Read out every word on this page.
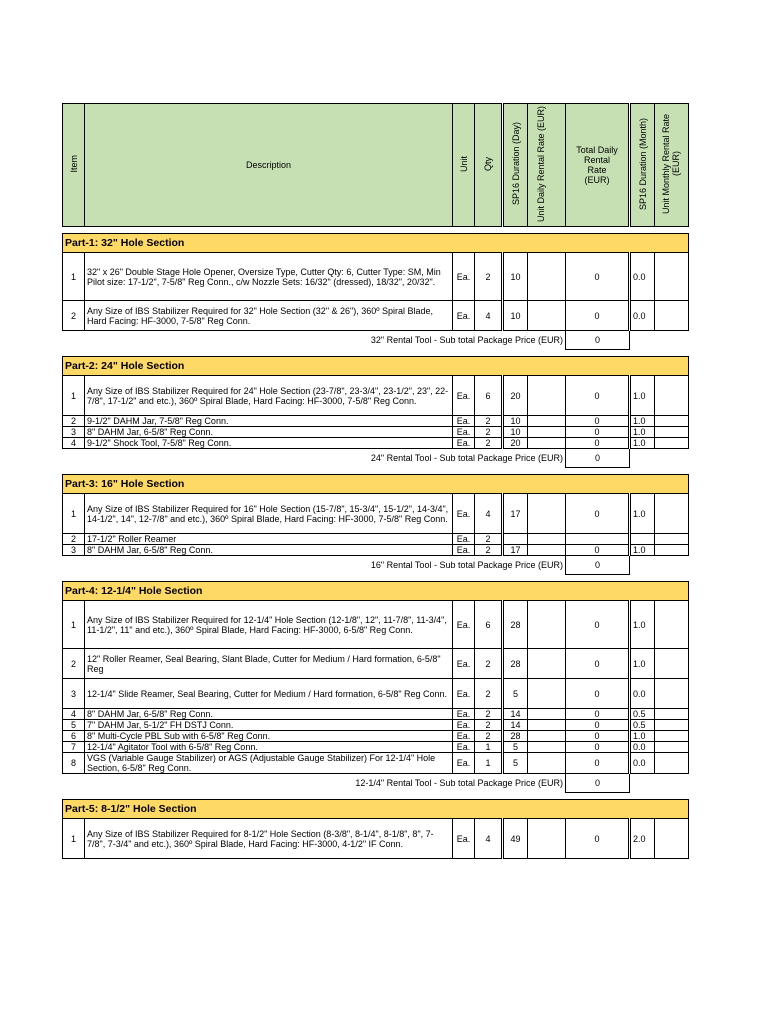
Item	Description	Unit	Qty	SP16 Duration (Day)	Unit Daily Rental Rate (EUR)	Total Daily Rental Rate (EUR)	SP16 Duration (Month)	Unit Monthly Rental Rate (EUR)

Part-1: 32" Hole Section								
1	32" x 26" Double Stage Hole Opener, Oversize Type, Cutter Qty: 6, Cutter Type: SM, Min Pilot size: 17-1/2", 7-5/8" Reg Conn., c/w Nozzle Sets: 16/32" (dressed), 18/32", 20/32".	Ea.	2	10		0	0.0	
2	Any Size of IBS Stabilizer Required for 32" Hole Section (32" & 26"), 360º Spiral Blade, Hard Facing: HF-3000, 7-5/8" Reg Conn.	Ea.	4	10		0	0.0	
32" Rental Tool - Sub total Package Price (EUR)						0		

Part-2: 24" Hole Section								
1	Any Size of IBS Stabilizer Required for 24" Hole Section (23-7/8", 23-3/4", 23-1/2", 23", 22-7/8", 17-1/2" and etc.), 360º Spiral Blade, Hard Facing: HF-3000, 7-5/8" Reg Conn.	Ea.	6	20		0	1.0	
2	9-1/2" DAHM Jar, 7-5/8" Reg Conn.	Ea.	2	10		0	1.0	
3	8" DAHM Jar, 6-5/8" Reg Conn.	Ea.	2	10		0	1.0	
4	9-1/2" Shock Tool, 7-5/8" Reg Conn.	Ea.	2	20		0	1.0	
24" Rental Tool - Sub total Package Price (EUR)						0		

Part-3: 16" Hole Section								
1	Any Size of IBS Stabilizer Required for 16" Hole Section (15-7/8", 15-3/4", 15-1/2", 14-3/4", 14-1/2", 14", 12-7/8" and etc.), 360º Spiral Blade, Hard Facing: HF-3000, 7-5/8" Reg Conn.	Ea.	4	17		0	1.0	
2	17-1/2" Roller Reamer	Ea.	2					
3	8" DAHM Jar, 6-5/8" Reg Conn.	Ea.	2	17		0	1.0	
16" Rental Tool - Sub total Package Price (EUR)						0		

Part-4: 12-1/4" Hole Section								
1	Any Size of IBS Stabilizer Required for 12-1/4" Hole Section (12-1/8", 12", 11-7/8", 11-3/4", 11-1/2", 11" and etc.), 360º Spiral Blade, Hard Facing: HF-3000, 6-5/8" Reg Conn.	Ea.	6	28		0	1.0	
2	12" Roller Reamer, Seal Bearing, Slant Blade, Cutter for Medium / Hard formation, 6-5/8" Reg	Ea.	2	28		0	1.0	
3	12-1/4" Slide Reamer, Seal Bearing, Cutter for Medium / Hard formation, 6-5/8" Reg Conn.	Ea.	2	5		0	0.0	
4	8" DAHM Jar, 6-5/8" Reg Conn.	Ea.	2	14		0	0.5	
5	7" DAHM Jar, 5-1/2" FH DSTJ Conn.	Ea.	2	14		0	0.5	
6	8" Multi-Cycle PBL Sub with 6-5/8" Reg Conn.	Ea.	2	28		0	1.0	
7	12-1/4" Agitator Tool with 6-5/8" Reg Conn.	Ea.	1	5		0	0.0	
8	VGS (Variable Gauge Stabilizer) or AGS (Adjustable Gauge Stabilizer) For 12-1/4" Hole Section, 6-5/8" Reg Conn.	Ea.	1	5		0	0.0	
12-1/4" Rental Tool - Sub total Package Price (EUR)						0		

Part-5: 8-1/2" Hole Section								
1	Any Size of IBS Stabilizer Required for 8-1/2" Hole Section (8-3/8", 8-1/4", 8-1/8", 8", 7-7/8", 7-3/4" and etc.), 360º Spiral Blade, Hard Facing: HF-3000, 4-1/2" IF Conn.	Ea.	4	49		0	2.0	
